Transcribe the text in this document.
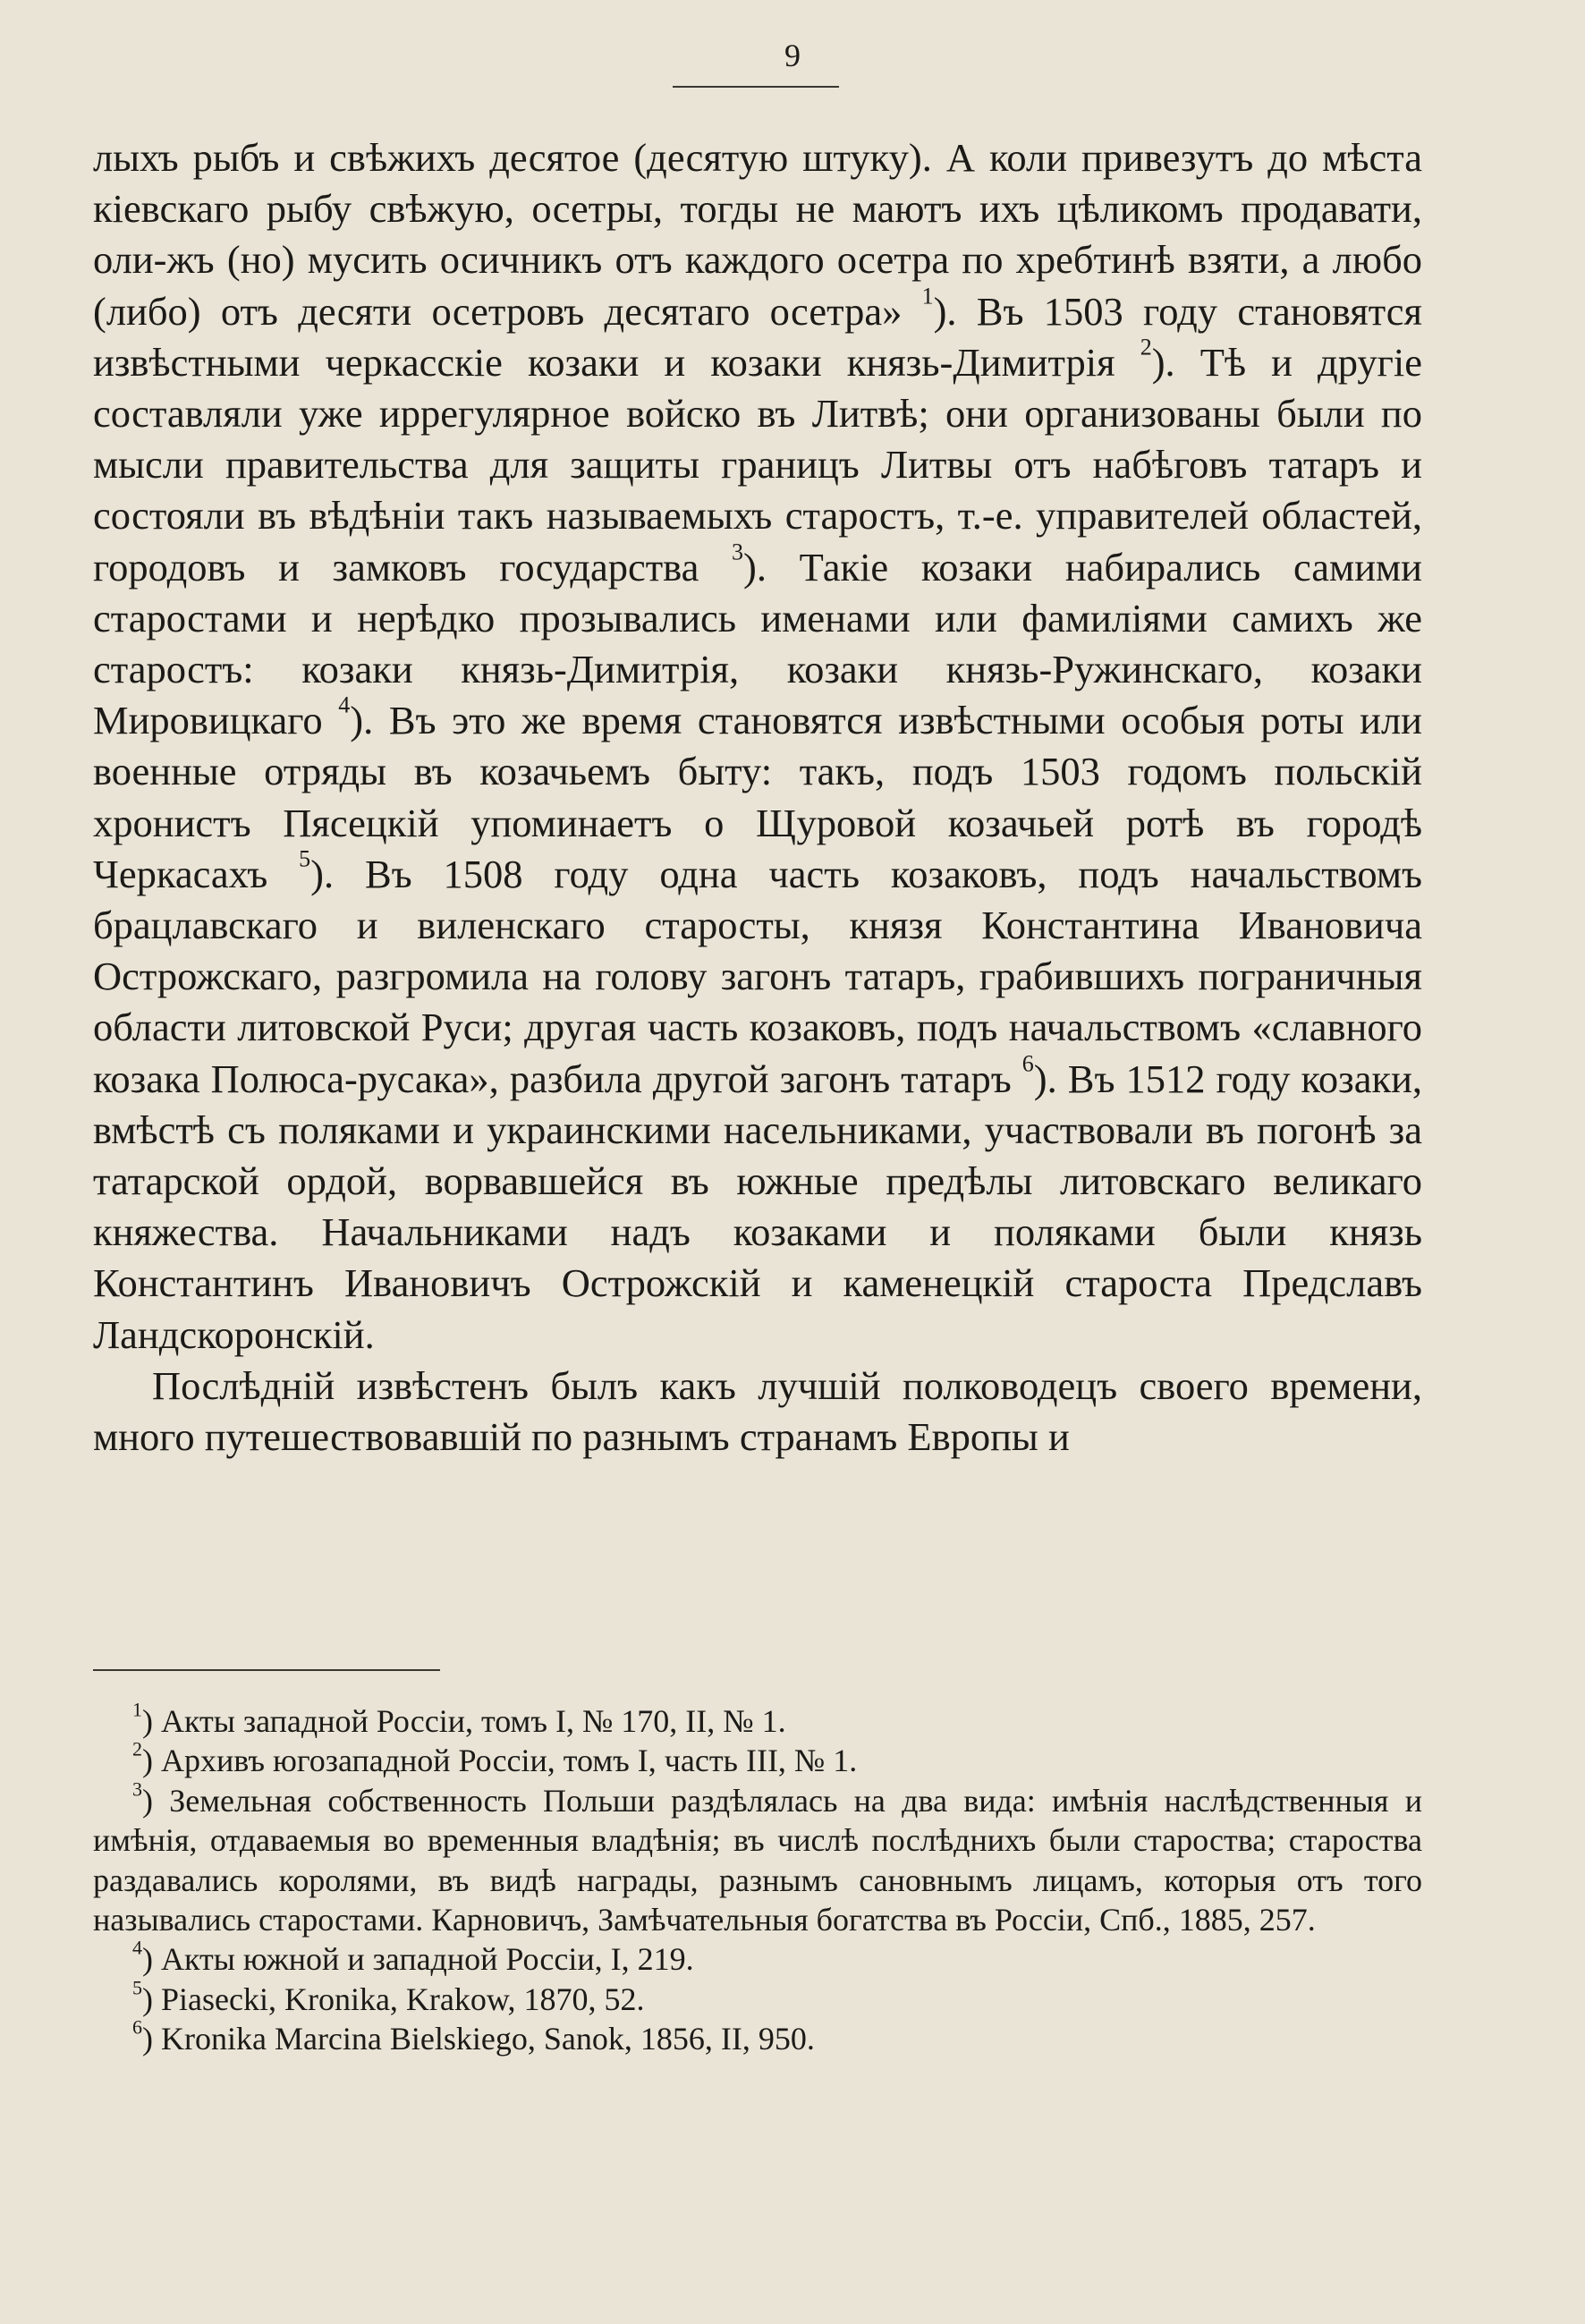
9

лыхъ рыбъ и свѣжихъ десятое (десятую штуку). А коли привезутъ до мѣста кіевскаго рыбу свѣжую, осетры, тогды не маютъ ихъ цѣликомъ продавати, оли-жъ (но) мусить осичникъ отъ каждого осетра по хребтинѣ взяти, а любо (либо) отъ десяти осетровъ десятаго осетра» $^1$). Въ 1503 году становятся извѣстными черкасскіе козаки и козаки князь-Димитрія $^2$). Тѣ и другіе составляли уже иррегулярное войско въ Литвѣ; они организованы были по мысли правительства для защиты границъ Литвы отъ набѣговъ татаръ и состояли въ вѣдѣніи такъ называемыхъ старостъ, т.-е. управителей областей, городовъ и замковъ государства $^3$). Такіе козаки набирались самими старостами и нерѣдко прозывались именами или фамиліями самихъ же старостъ: козаки князь-Димитрія, козаки князь-Ружинскаго, козаки Мировицкаго $^4$). Въ это же время становятся извѣстными особыя роты или военные отряды въ козачьемъ быту: такъ, подъ 1503 годомъ польскій хронистъ Пясецкій упоминаетъ о Щуровой козачьей ротѣ въ городѣ Черкасахъ $^5$). Въ 1508 году одна часть козаковъ, подъ начальствомъ брацлавскаго и виленскаго старосты, князя Константина Ивановича Острожскаго, разгромила на голову загонъ татаръ, грабившихъ пограничныя области литовской Руси; другая часть козаковъ, подъ начальствомъ «славного козака Полюса-русака», разбила другой загонъ татаръ $^6$). Въ 1512 году козаки, вмѣстѣ съ поляками и украинскими насельниками, участвовали въ погонѣ за татарской ордой, ворвавшейся въ южные предѣлы литовскаго великаго княжества. Начальниками надъ козаками и поляками были князь Константинъ Ивановичъ Острожскій и каменецкій староста Предславъ Ландскоронскій.

Послѣдній извѣстенъ былъ какъ лучшій полководецъ своего времени, много путешествовавшій по разнымъ странамъ Европы и

$^1$) Акты западной Россіи, томъ I, № 170, II, № 1.

$^2$) Архивъ югозападной Россіи, томъ I, часть III, № 1.

$^3$) Земельная собственность Польши раздѣлялась на два вида: имѣнія наслѣдственныя и имѣнія, отдаваемыя во временныя владѣнія; въ числѣ послѣднихъ были староства; староства раздавались королями, въ видѣ награды, разнымъ сановнымъ лицамъ, которыя отъ того назывались старостами. Карновичъ, Замѣчательныя богатства въ Россіи, Спб., 1885, 257.

$^4$) Акты южной и западной Россіи, I, 219.

$^5$) Piasecki, Kronika, Krakow, 1870, 52.

$^6$) Kronika Marcina Bielskiego, Sanok, 1856, II, 950.
